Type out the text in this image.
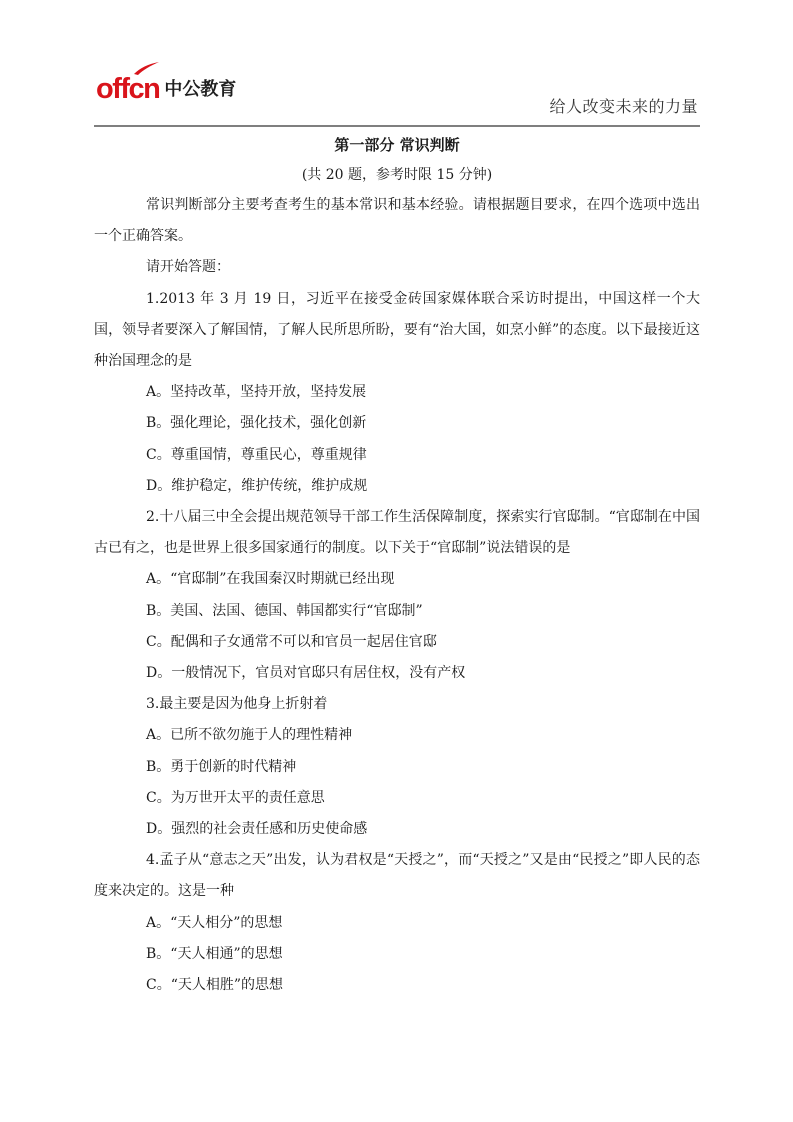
offcn 中公教育
给人改变未来的力量

第一部分 常识判断

(共 20 题，参考时限 15 分钟)

常识判断部分主要考查考生的基本常识和基本经验。请根据题目要求，在四个选项中选出一个正确答案。

请开始答题：

1.2013 年 3 月 19 日，习近平在接受金砖国家媒体联合采访时提出，中国这样一个大国，领导者要深入了解国情，了解人民所思所盼，要有“治大国，如烹小鲜”的态度。以下最接近这种治国理念的是

A。坚持改革，坚持开放，坚持发展

B。强化理论，强化技术，强化创新

C。尊重国情，尊重民心，尊重规律

D。维护稳定，维护传统，维护成规

2.十八届三中全会提出规范领导干部工作生活保障制度，探索实行官邸制。“官邸制在中国古已有之，也是世界上很多国家通行的制度。以下关于“官邸制”说法错误的是

A。“官邸制”在我国秦汉时期就已经出现

B。美国、法国、德国、韩国都实行“官邸制”

C。配偶和子女通常不可以和官员一起居住官邸

D。一般情况下，官员对官邸只有居住权，没有产权

3.最主要是因为他身上折射着

A。已所不欲勿施于人的理性精神

B。勇于创新的时代精神

C。为万世开太平的责任意思

D。强烈的社会责任感和历史使命感

4.孟子从“意志之天”出发，认为君权是“天授之”，而“天授之”又是由“民授之”即人民的态度来决定的。这是一种

A。“天人相分”的思想

B。“天人相通”的思想

C。“天人相胜”的思想
